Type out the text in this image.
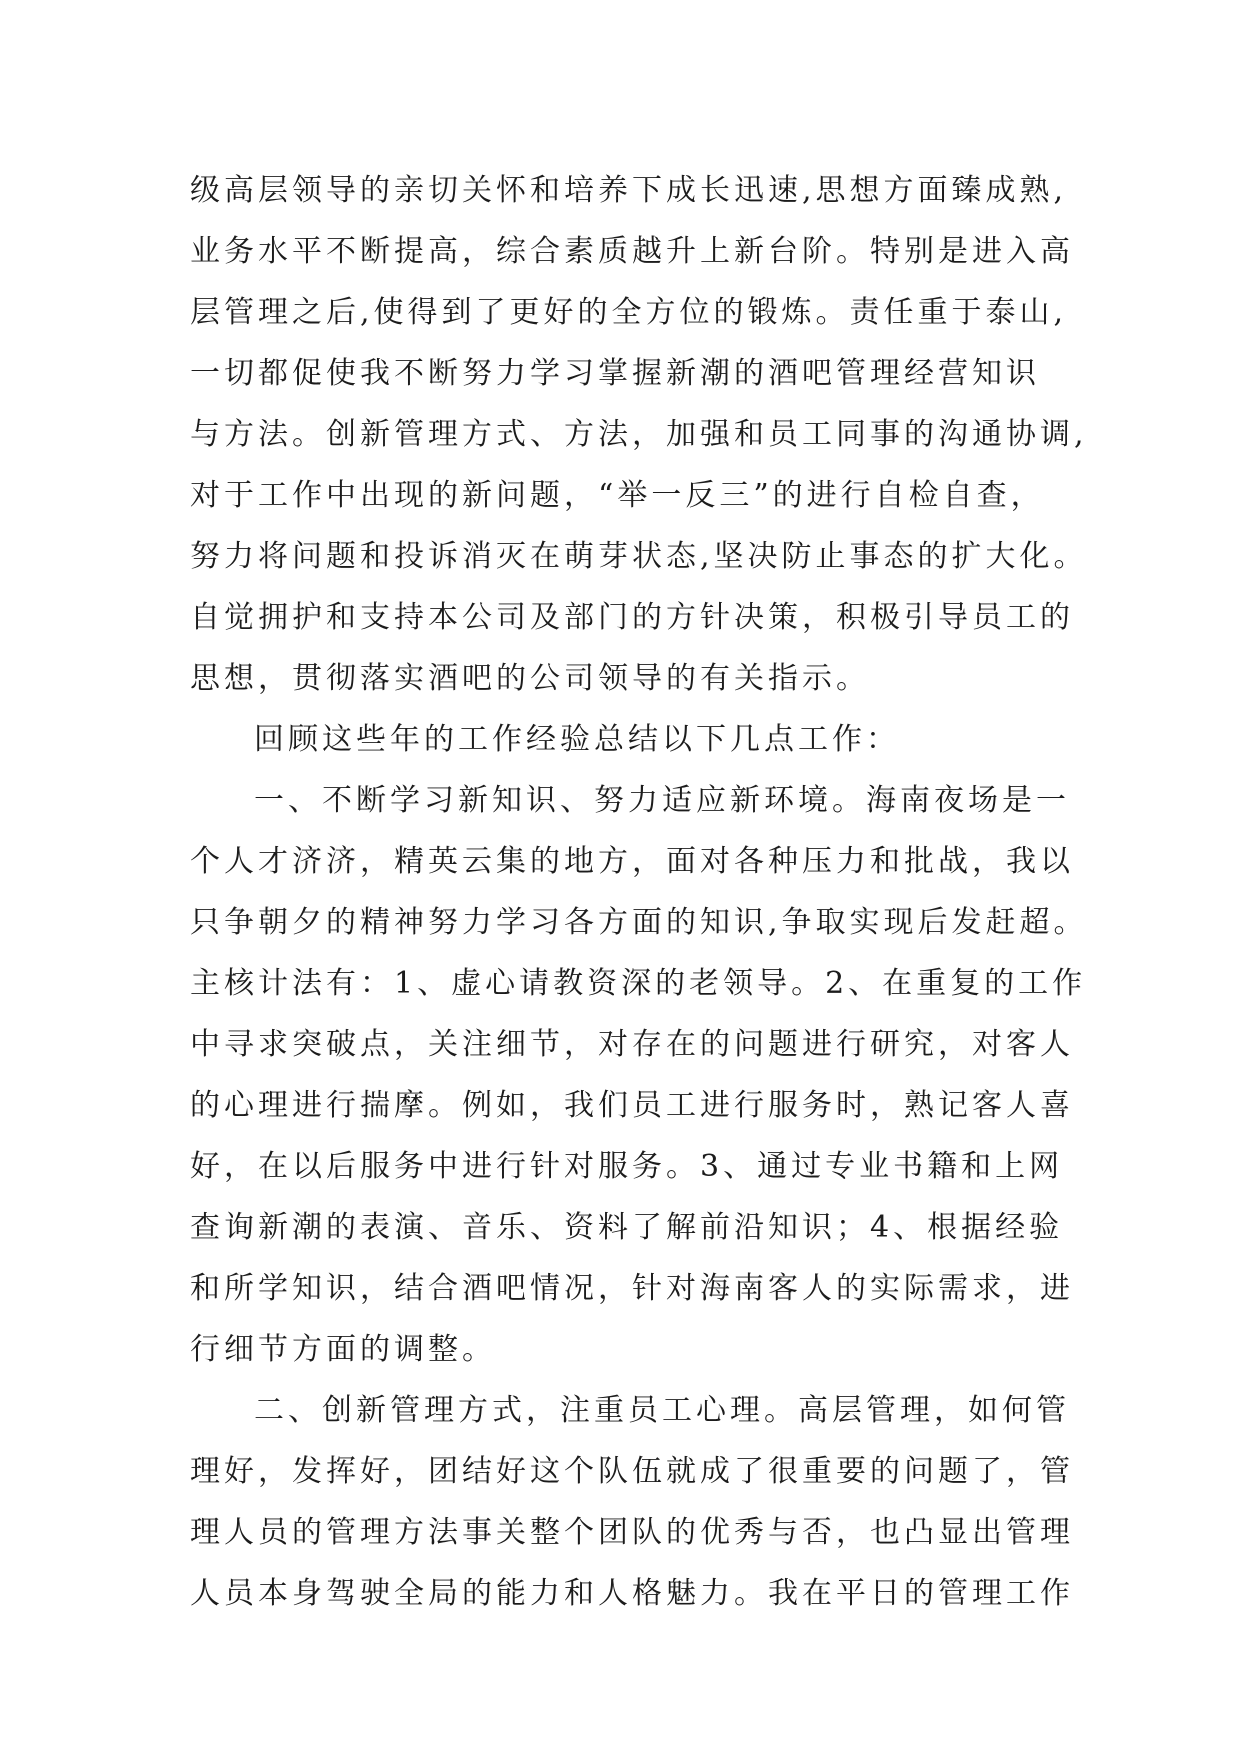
级高层领导的亲切关怀和培养下成长迅速,思想方面臻成熟,
业务水平不断提高，综合素质越升上新台阶。特别是进入高
层管理之后,使得到了更好的全方位的锻炼。责任重于泰山,
一切都促使我不断努力学习掌握新潮的酒吧管理经营知识
与方法。创新管理方式、方法，加强和员工同事的沟通协调,
对于工作中出现的新问题，“举一反三”的进行自检自查，
努力将问题和投诉消灭在萌芽状态,坚决防止事态的扩大化。
自觉拥护和支持本公司及部门的方针决策，积极引导员工的
思想，贯彻落实酒吧的公司领导的有关指示。
回顾这些年的工作经验总结以下几点工作：
一、不断学习新知识、努力适应新环境。海南夜场是一
个人才济济，精英云集的地方，面对各种压力和批战，我以
只争朝夕的精神努力学习各方面的知识,争取实现后发赶超。
主核计法有：1、虚心请教资深的老领导。2、在重复的工作
中寻求突破点，关注细节，对存在的问题进行研究，对客人
的心理进行揣摩。例如，我们员工进行服务时，熟记客人喜
好，在以后服务中进行针对服务。3、通过专业书籍和上网
查询新潮的表演、音乐、资料了解前沿知识；4、根据经验
和所学知识，结合酒吧情况，针对海南客人的实际需求，进
行细节方面的调整。
二、创新管理方式，注重员工心理。高层管理，如何管
理好，发挥好，团结好这个队伍就成了很重要的问题了，管
理人员的管理方法事关整个团队的优秀与否，也凸显出管理
人员本身驾驶全局的能力和人格魅力。我在平日的管理工作
